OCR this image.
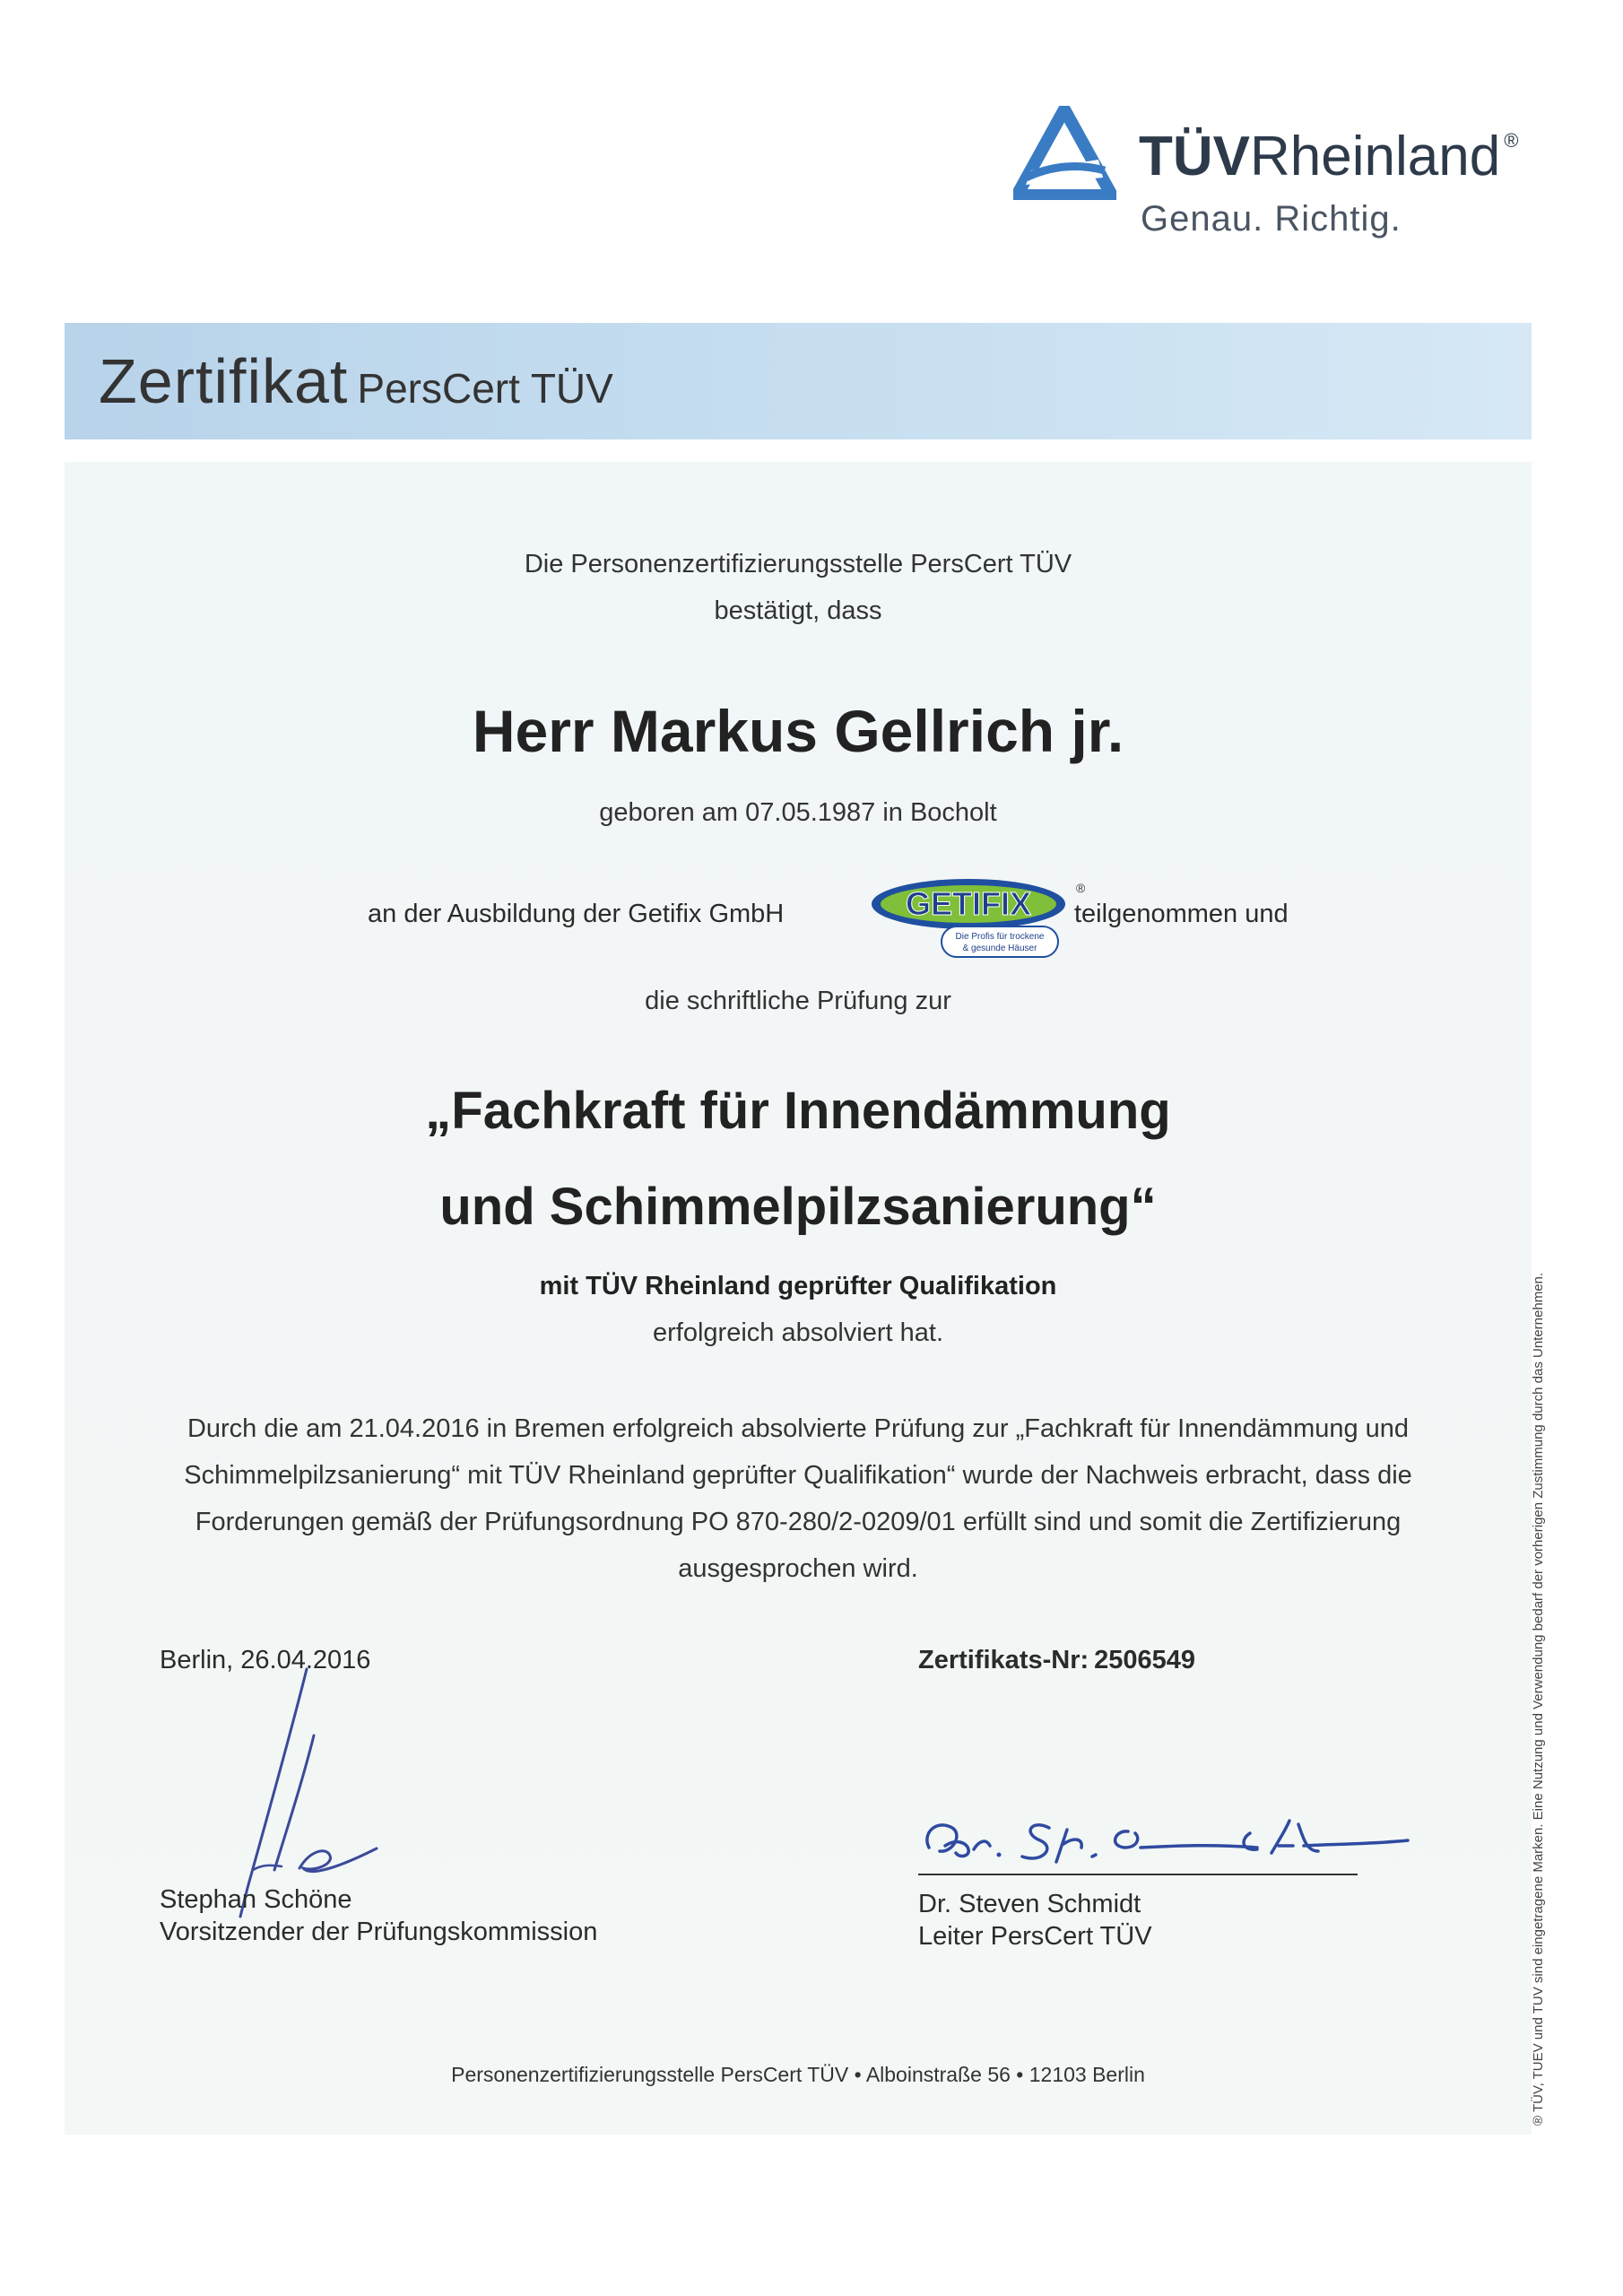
TÜVRheinland ®
Genau. Richtig.
Zertifikat PersCert TÜV
Die Personenzertifizierungsstelle PersCert TÜV
bestätigt, dass
Herr Markus Gellrich jr.
geboren am 07.05.1987 in Bocholt
an der Ausbildung der Getifix GmbH	GETIFIX	®
Die Profis für trockene
& gesunde Häuser
teilgenommen und
die schriftliche Prüfung zur
„Fachkraft für Innendämmung
und Schimmelpilzsanierung“
mit TÜV Rheinland geprüfter Qualifikation
erfolgreich absolviert hat.
Durch die am 21.04.2016 in Bremen erfolgreich absolvierte Prüfung zur „Fachkraft für Innendämmung und Schimmelpilzsanierung“ mit TÜV Rheinland geprüfter Qualifikation“ wurde der Nachweis erbracht, dass die Forderungen gemäß der Prüfungsordnung PO 870-280/2-0209/01 erfüllt sind und somit die Zertifizierung ausgesprochen wird.
Berlin, 26.04.2016	Zertifikats-Nr: 2506549
Stephan Schöne
Vorsitzender der Prüfungskommission
Dr. Steven Schmidt
Leiter PersCert TÜV
Personenzertifizierungsstelle PersCert TÜV • Alboinstraße 56 • 12103 Berlin	® TÜV, TUEV und TUV sind eingetragene Marken. Eine Nutzung und Verwendung bedarf der vorherigen Zustimmung durch das Unternehmen.
